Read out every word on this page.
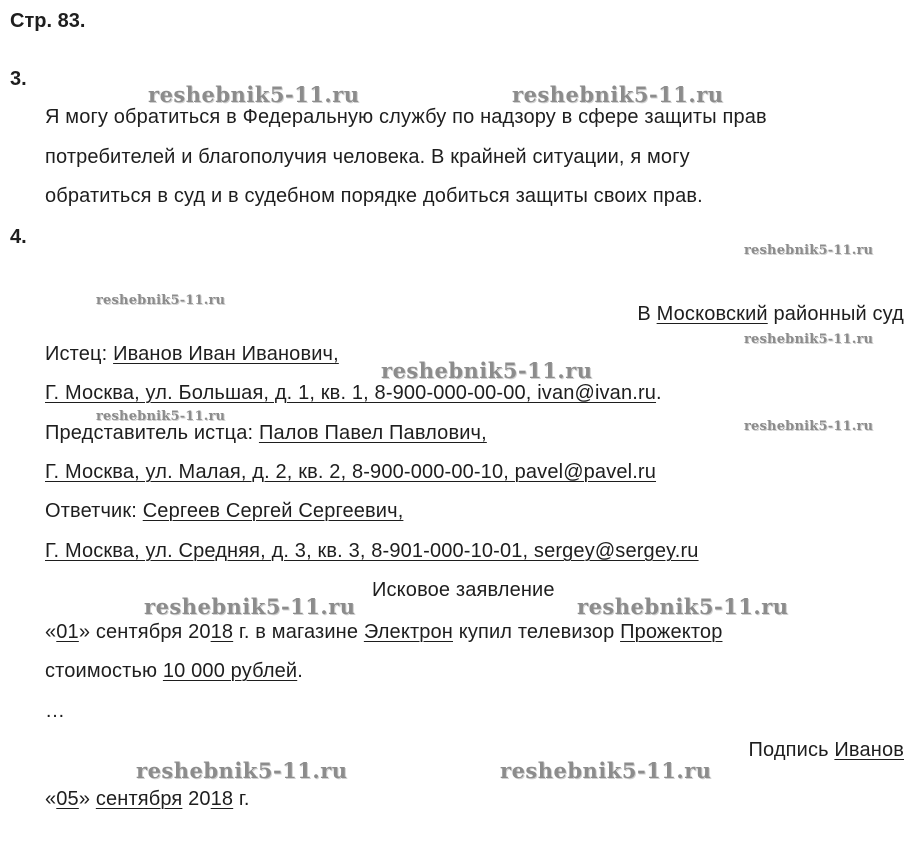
Стр. 83.
3.
Я могу обратиться в Федеральную службу по надзору в сфере защиты прав
потребителей и благополучия человека. В крайней ситуации, я могу
обратиться в суд и в судебном порядке добиться защиты своих прав.
4.
В Московский районный суд
Истец: Иванов Иван Иванович,
Г. Москва, ул. Большая, д. 1, кв. 1, 8-900-000-00-00, ivan@ivan.ru.
Представитель истца: Палов Павел Павлович,
Г. Москва, ул. Малая, д. 2, кв. 2, 8-900-000-00-10, pavel@pavel.ru
Ответчик: Сергеев Сергей Сергеевич,
Г. Москва, ул. Средняя, д. 3, кв. 3, 8-901-000-10-01, sergey@sergey.ru
Исковое заявление
«01» сентября 2018 г. в магазине Электрон купил телевизор Прожектор
стоимостью 10 000 рублей.
…
Подпись Иванов
«05» сентября 2018 г.
reshebnik5-11.ru	reshebnik5-11.ru
reshebnik5-11.ru
reshebnik5-11.ru
reshebnik5-11.ru
reshebnik5-11.ru
reshebnik5-11.ru
reshebnik5-11.ru
reshebnik5-11.ru	reshebnik5-11.ru
reshebnik5-11.ru	reshebnik5-11.ru
